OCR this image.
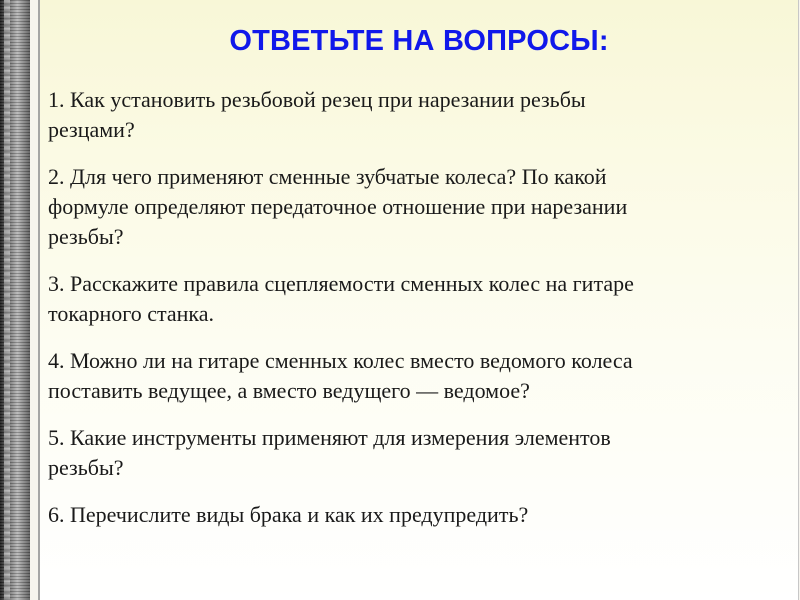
ОТВЕТЬТЕ НА ВОПРОСЫ:
1. Как установить резьбовой резец при нарезании резьбы
резцами?
2. Для чего применяют сменные зубчатые колеса? По какой
формуле определяют передаточное отношение при нарезании
резьбы?
3. Расскажите правила сцепляемости сменных колес на гитаре
токарного станка.
4. Можно ли на гитаре сменных колес вместо ведомого колеса
поставить ведущее, а вместо ведущего — ведомое?
5. Какие инструменты применяют для измерения элементов
резьбы?
6. Перечислите виды брака и как их предупредить?
